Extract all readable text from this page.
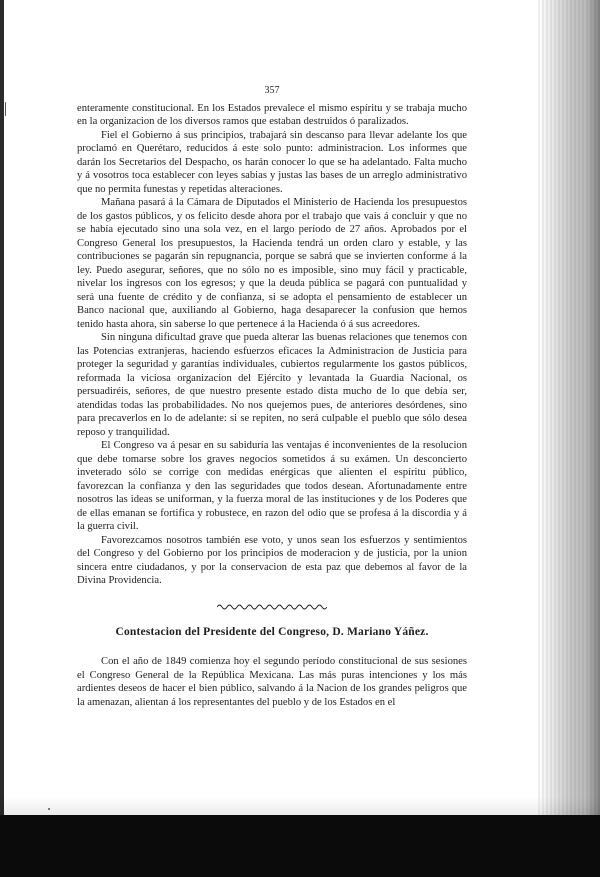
357

enteramente constitucional. En los Estados prevalece el mismo espíritu y se trabaja mucho en la organizacion de los diversos ramos que estaban destruidos ó paralizados.

Fiel el Gobierno á sus principios, trabajará sin descanso para llevar adelante los que proclamó en Querétaro, reducidos á este solo punto: administracion. Los informes que darán los Secretarios del Despacho, os harán conocer lo que se ha adelantado. Falta mucho y á vosotros toca establecer con leyes sabias y justas las bases de un arreglo administrativo que no permita funestas y repetidas alteraciones.

Mañana pasará á la Cámara de Diputados el Ministerio de Hacienda los presupuestos de los gastos públicos, y os felicito desde ahora por el trabajo que vais á concluir y que no se había ejecutado sino una sola vez, en el largo período de 27 años. Aprobados por el Congreso General los presupuestos, la Hacienda tendrá un orden claro y estable, y las contribuciones se pagarán sin repugnancia, porque se sabrá que se invierten conforme á la ley. Puedo asegurar, señores, que no sólo no es imposible, sino muy fácil y practicable, nivelar los ingresos con los egresos; y que la deuda pública se pagará con puntualidad y será una fuente de crédito y de confianza, si se adopta el pensamiento de establecer un Banco nacional que, auxiliando al Gobierno, haga desaparecer la confusion que hemos tenido hasta ahora, sin saberse lo que pertenece á la Hacienda ó á sus acreedores.

Sin ninguna dificultad grave que pueda alterar las buenas relaciones que tenemos con las Potencias extranjeras, haciendo esfuerzos eficaces la Administracion de Justicia para proteger la seguridad y garantías individuales, cubiertos regularmente los gastos públicos, reformada la viciosa organizacion del Ejército y levantada la Guardia Nacional, os persuadiréis, señores, de que nuestro presente estado dista mucho de lo que debía ser, atendidas todas las probabilidades. No nos quejemos pues, de anteriores desórdenes, sino para precaverlos en lo de adelante: si se repiten, no será culpable el pueblo que sólo desea reposo y tranquilidad.

El Congreso va á pesar en su sabiduría las ventajas é inconvenientes de la resolucion que debe tomarse sobre los graves negocios sometidos á su exámen. Un desconcierto inveterado sólo se corrige con medidas enérgicas que alienten el espíritu público, favorezcan la confianza y den las seguridades que todos desean. Afortunadamente entre nosotros las ideas se uniforman, y la fuerza moral de las instituciones y de los Poderes que de ellas emanan se fortifica y robustece, en razon del odio que se profesa á la discordia y á la guerra civil.

Favorezcamos nosotros también ese voto, y unos sean los esfuerzos y sentimientos del Congreso y del Gobierno por los principios de moderacion y de justicia, por la union sincera entre ciudadanos, y por la conservacion de esta paz que debemos al favor de la Divina Providencia.

Contestacion del Presidente del Congreso, D. Mariano Yáñez.

Con el año de 1849 comienza hoy el segundo período constitucional de sus sesiones el Congreso General de la República Mexicana. Las más puras intenciones y los más ardientes deseos de hacer el bien público, salvando á la Nacion de los grandes peligros que la amenazan, alientan á los representantes del pueblo y de los Estados en el
